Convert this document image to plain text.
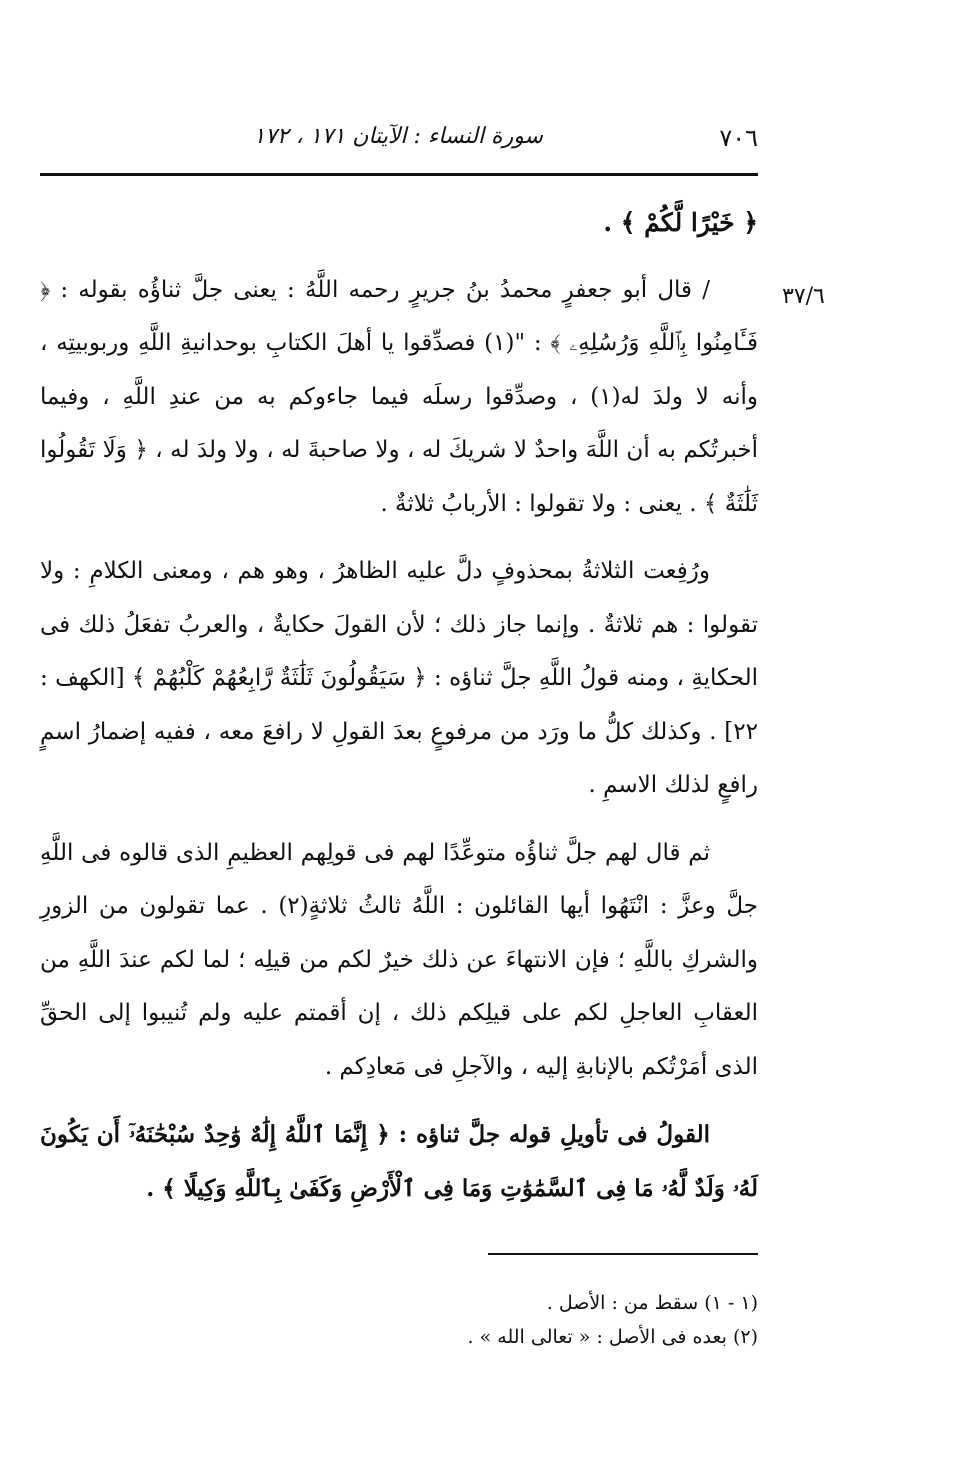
٧٠٦
سورة النساء : الآيتان ١٧١ ، ١٧٢
٣٧/٦

﴿ خَيْرًا لَّكُمْ ﴾ .

/ قال أبو جعفرٍ محمدُ بنُ جريرٍ رحمه اللَّهُ : يعنى جلَّ ثناؤُه بقوله : ﴿ فَـَٔامِنُوا بِٱللَّهِ وَرُسُلِهِۦ ﴾ : "(١) فصدِّقوا يا أهلَ الكتابِ بوحدانيةِ اللَّهِ وربوبيتِه ، وأنه لا ولدَ له(١) ، وصدِّقوا رسلَه فيما جاءوكم به من عندِ اللَّهِ ، وفيما أخبرتُكم به أن اللَّهَ واحدٌ لا شريكَ له ، ولا صاحبةَ له ، ولا ولدَ له ، ﴿ وَلَا تَقُولُوا ثَلَٰثَةٌ ﴾ . يعنى : ولا تقولوا : الأربابُ ثلاثةٌ .

ورُفِعت الثلاثةُ بمحذوفٍ دلَّ عليه الظاهرُ ، وهو هم ، ومعنى الكلامِ : ولا تقولوا : هم ثلاثةٌ . وإنما جاز ذلك ؛ لأن القولَ حكايةٌ ، والعربُ تفعَلُ ذلك فى الحكايةِ ، ومنه قولُ اللَّهِ جلَّ ثناؤه : ﴿ سَيَقُولُونَ ثَلَٰثَةٌ رَّابِعُهُمْ كَلْبُهُمْ ﴾ [الكهف : ٢٢] . وكذلك كلُّ ما ورَد من مرفوعٍ بعدَ القولِ لا رافعَ معه ، ففيه إضمارُ اسمٍ رافعٍ لذلك الاسمِ .

ثم قال لهم جلَّ ثناؤُه متوعِّدًا لهم فى قولِهم العظيمِ الذى قالوه فى اللَّهِ جلَّ وعزَّ : انْتَهُوا أيها القائلون : اللَّهُ ثالثُ ثلاثةٍ(٢) . عما تقولون من الزورِ والشركِ باللَّهِ ؛ فإن الانتهاءَ عن ذلك خيرٌ لكم من قيلِه ؛ لما لكم عندَ اللَّهِ من العقابِ العاجلِ لكم على قيلِكم ذلك ، إن أقمتم عليه ولم تُنيبوا إلى الحقِّ الذى أمَرْتُكم بالإنابةِ إليه ، والآجلِ فى مَعادِكم .

القولُ فى تأويلِ قوله جلَّ ثناؤه : ﴿ إِنَّمَا ٱللَّهُ إِلَٰهٌ وَٰحِدٌ سُبْحَٰنَهُۥٓ أَن يَكُونَ لَهُۥ وَلَدٌ لَّهُۥ مَا فِى ٱلسَّمَٰوَٰتِ وَمَا فِى ٱلْأَرْضِ وَكَفَىٰ بِٱللَّهِ وَكِيلًا ﴾ .

(١ - ١) سقط من : الأصل .
(٢) بعده فى الأصل : « تعالى الله » .
